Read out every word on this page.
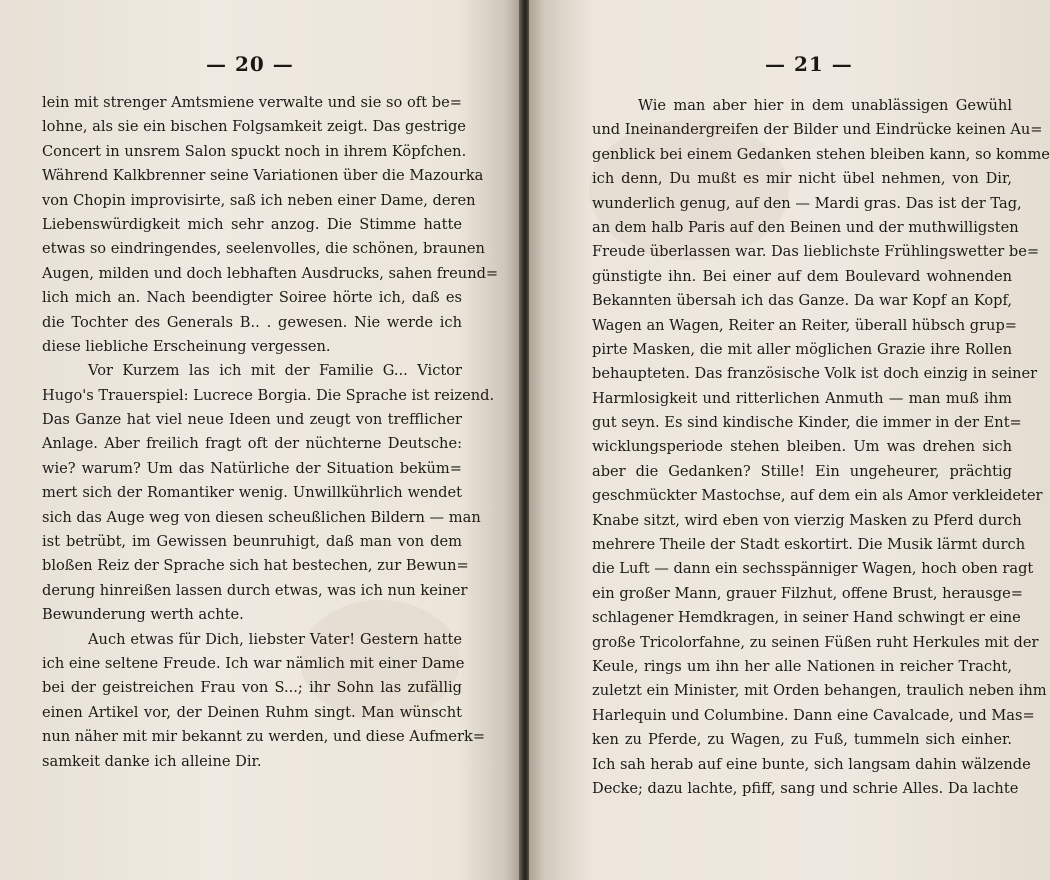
— 20 —
lein mit strenger Amtsmiene verwalte und sie so oft be=
lohne, als sie ein bischen Folgsamkeit zeigt. Das gestrige
Concert in unsrem Salon spuckt noch in ihrem Köpfchen.
Während Kalkbrenner seine Variationen über die Mazourka
von Chopin improvisirte, saß ich neben einer Dame, deren
Liebenswürdigkeit mich sehr anzog. Die Stimme hatte
etwas so eindringendes, seelenvolles, die schönen, braunen
Augen, milden und doch lebhaften Ausdrucks, sahen freund=
lich mich an. Nach beendigter Soiree hörte ich, daß es
die Tochter des Generals B.. . gewesen. Nie werde ich
diese liebliche Erscheinung vergessen.
Vor Kurzem las ich mit der Familie G... Victor
Hugo's Trauerspiel: Lucrece Borgia. Die Sprache ist reizend.
Das Ganze hat viel neue Ideen und zeugt von trefflicher
Anlage. Aber freilich fragt oft der nüchterne Deutsche:
wie? warum? Um das Natürliche der Situation beküm=
mert sich der Romantiker wenig. Unwillkührlich wendet
sich das Auge weg von diesen scheußlichen Bildern — man
ist betrübt, im Gewissen beunruhigt, daß man von dem
bloßen Reiz der Sprache sich hat bestechen, zur Bewun=
derung hinreißen lassen durch etwas, was ich nun keiner
Bewunderung werth achte.
Auch etwas für Dich, liebster Vater! Gestern hatte
ich eine seltene Freude. Ich war nämlich mit einer Dame
bei der geistreichen Frau von S...; ihr Sohn las zufällig
einen Artikel vor, der Deinen Ruhm singt. Man wünscht
nun näher mit mir bekannt zu werden, und diese Aufmerk=
samkeit danke ich alleine Dir.
— 21 —
Wie man aber hier in dem unablässigen Gewühl
und Ineinandergreifen der Bilder und Eindrücke keinen Au=
genblick bei einem Gedanken stehen bleiben kann, so komme
ich denn, Du mußt es mir nicht übel nehmen, von Dir,
wunderlich genug, auf den — Mardi gras. Das ist der Tag,
an dem halb Paris auf den Beinen und der muthwilligsten
Freude überlassen war. Das lieblichste Frühlingswetter be=
günstigte ihn. Bei einer auf dem Boulevard wohnenden
Bekannten übersah ich das Ganze. Da war Kopf an Kopf,
Wagen an Wagen, Reiter an Reiter, überall hübsch grup=
pirte Masken, die mit aller möglichen Grazie ihre Rollen
behaupteten. Das französische Volk ist doch einzig in seiner
Harmlosigkeit und ritterlichen Anmuth — man muß ihm
gut seyn. Es sind kindische Kinder, die immer in der Ent=
wicklungsperiode stehen bleiben. Um was drehen sich
aber die Gedanken? Stille! Ein ungeheurer, prächtig
geschmückter Mastochse, auf dem ein als Amor verkleideter
Knabe sitzt, wird eben von vierzig Masken zu Pferd durch
mehrere Theile der Stadt eskortirt. Die Musik lärmt durch
die Luft — dann ein sechsspänniger Wagen, hoch oben ragt
ein großer Mann, grauer Filzhut, offene Brust, herausge=
schlagener Hemdkragen, in seiner Hand schwingt er eine
große Tricolorfahne, zu seinen Füßen ruht Herkules mit der
Keule, rings um ihn her alle Nationen in reicher Tracht,
zuletzt ein Minister, mit Orden behangen, traulich neben ihm
Harlequin und Columbine. Dann eine Cavalcade, und Mas=
ken zu Pferde, zu Wagen, zu Fuß, tummeln sich einher.
Ich sah herab auf eine bunte, sich langsam dahin wälzende
Decke; dazu lachte, pfiff, sang und schrie Alles. Da lachte
